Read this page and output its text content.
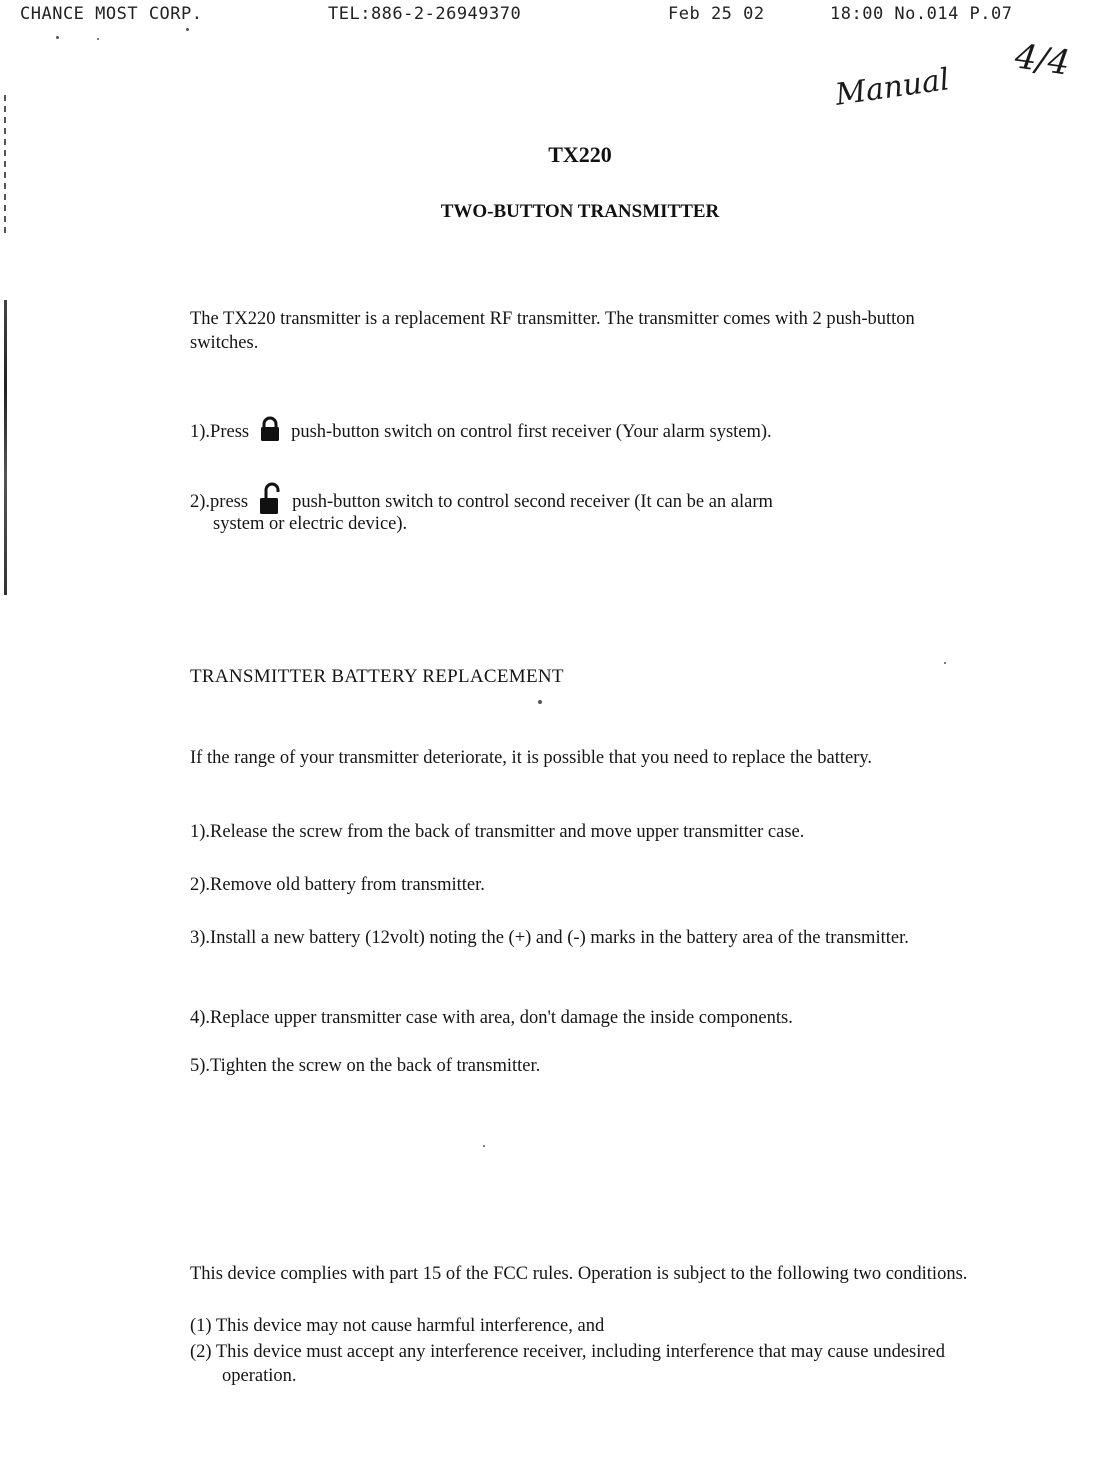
CHANCE MOST CORP.	TEL:886-2-26949370	Feb 25 02	18:00 No.014 P.07
Manual
4/4
TX220
TWO-BUTTON TRANSMITTER
The TX220 transmitter is a replacement RF transmitter. The transmitter comes with 2 push-button switches.
1).Press push-button switch on control first receiver (Your alarm system).
2).press push-button switch to control second receiver (It can be an alarm
system or electric device).
TRANSMITTER BATTERY REPLACEMENT
If the range of your transmitter deteriorate, it is possible that you need to replace the battery.
1).Release the screw from the back of transmitter and move upper transmitter case.
2).Remove old battery from transmitter.
3).Install a new battery (12volt) noting the (+) and (-) marks in the battery area of the transmitter.
4).Replace upper transmitter case with area, don't damage the inside components.
5).Tighten the screw on the back of transmitter.
This device complies with part 15 of the FCC rules. Operation is subject to the following two conditions.
(1) This device may not cause harmful interference, and
(2) This device must accept any interference receiver, including interference that may cause undesired operation.
